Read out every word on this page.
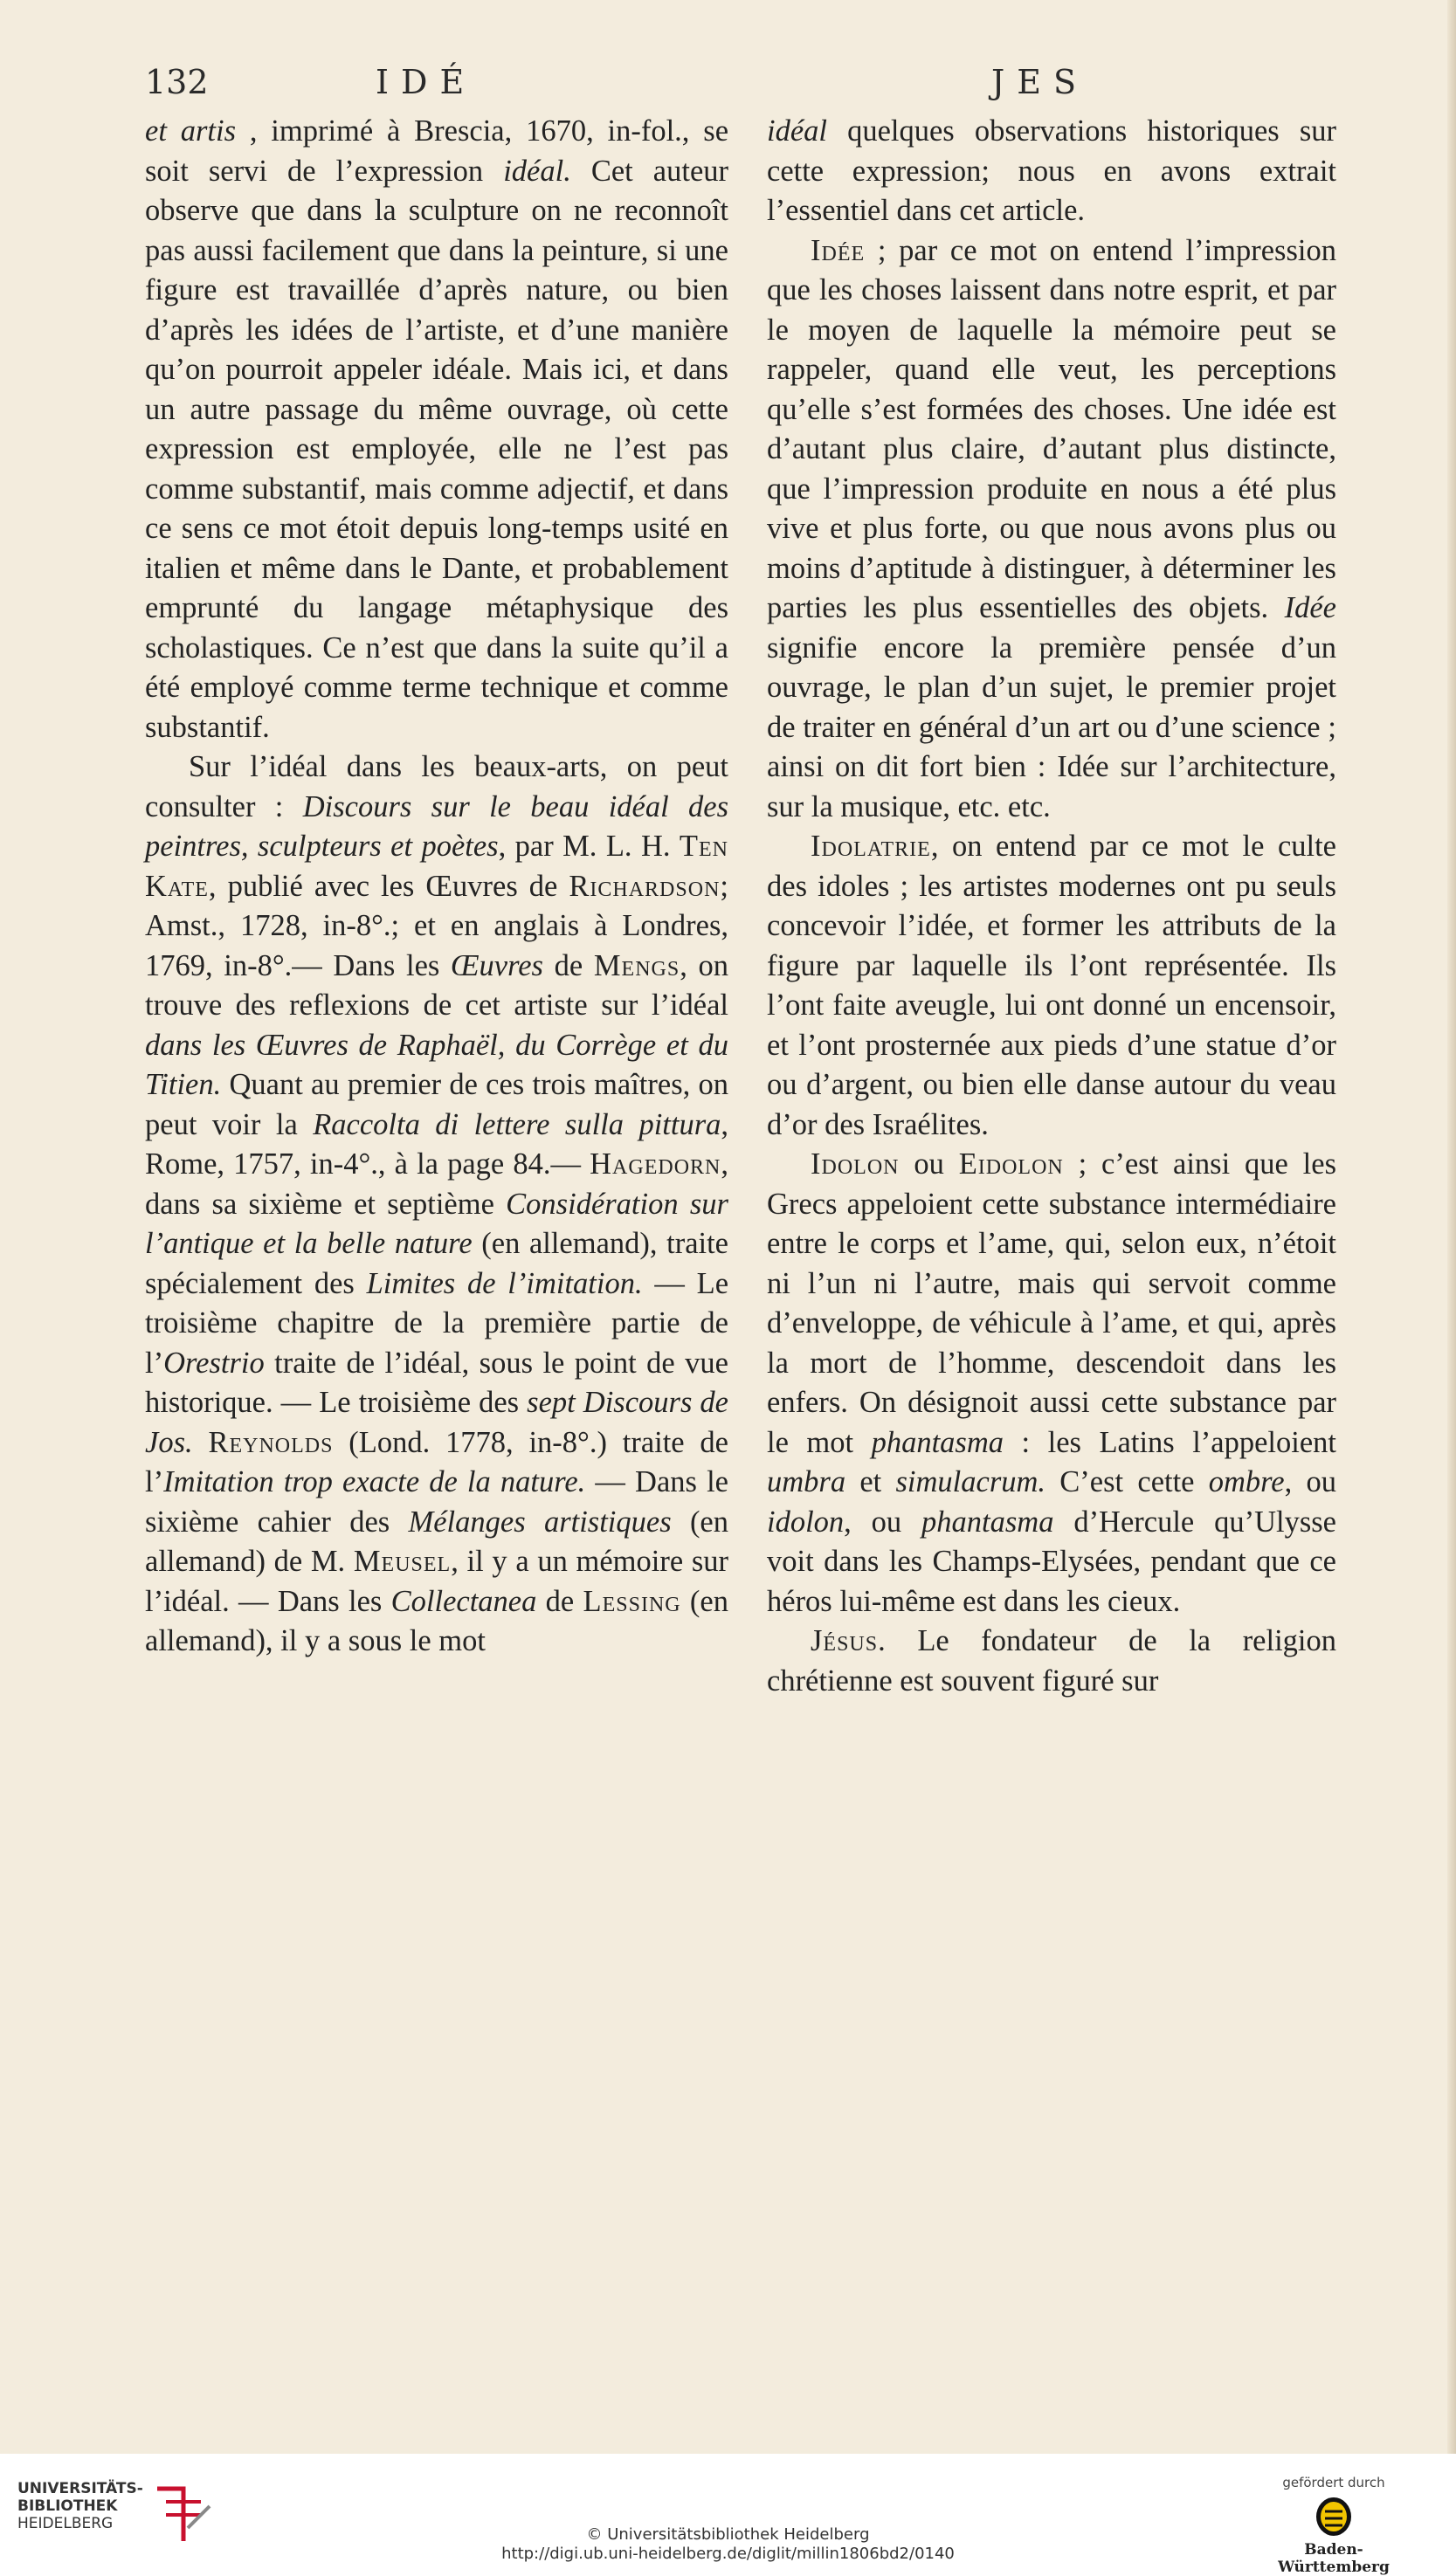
132	IDÉ	JES

et artis , imprimé à Brescia, 1670, in-fol., se soit servi de l’expression idéal. Cet auteur observe que dans la sculpture on ne reconnoît pas aussi facilement que dans la peinture, si une figure est travaillée d’après nature, ou bien d’après les idées de l’artiste, et d’une manière qu’on pourroit appeler idéale. Mais ici, et dans un autre passage du même ouvrage, où cette expression est employée, elle ne l’est pas comme substantif, mais comme adjectif, et dans ce sens ce mot étoit depuis long-temps usité en italien et même dans le Dante, et probablement emprunté du langage métaphysique des scholastiques. Ce n’est que dans la suite qu’il a été employé comme terme technique et comme substantif.

Sur l’idéal dans les beaux-arts, on peut consulter : Discours sur le beau idéal des peintres, sculpteurs et poètes, par M. L. H. Ten Kate, publié avec les Œuvres de Richardson; Amst., 1728, in-8°.; et en anglais à Londres, 1769, in-8°.— Dans les Œuvres de Mengs, on trouve des reflexions de cet artiste sur l’idéal dans les Œuvres de Raphaël, du Corrège et du Titien. Quant au premier de ces trois maîtres, on peut voir la Raccolta di lettere sulla pittura, Rome, 1757, in-4°., à la page 84.— Hagedorn, dans sa sixième et septième Considération sur l’antique et la belle nature (en allemand), traite spécialement des Limites de l’imitation. — Le troisième chapitre de la première partie de l’Orestrio traite de l’idéal, sous le point de vue historique. — Le troisième des sept Discours de Jos. Reynolds (Lond. 1778, in-8°.) traite de l’Imitation trop exacte de la nature. — Dans le sixième cahier des Mélanges artistiques (en allemand) de M. Meusel, il y a un mémoire sur l’idéal. — Dans les Collectanea de Lessing (en allemand), il y a sous le mot

idéal quelques observations historiques sur cette expression; nous en avons extrait l’essentiel dans cet article.

Idée ; par ce mot on entend l’impression que les choses laissent dans notre esprit, et par le moyen de laquelle la mémoire peut se rappeler, quand elle veut, les perceptions qu’elle s’est formées des choses. Une idée est d’autant plus claire, d’autant plus distincte, que l’impression produite en nous a été plus vive et plus forte, ou que nous avons plus ou moins d’aptitude à distinguer, à déterminer les parties les plus essentielles des objets. Idée signifie encore la première pensée d’un ouvrage, le plan d’un sujet, le premier projet de traiter en général d’un art ou d’une science ; ainsi on dit fort bien : Idée sur l’architecture, sur la musique, etc. etc.

Idolatrie, on entend par ce mot le culte des idoles ; les artistes modernes ont pu seuls concevoir l’idée, et former les attributs de la figure par laquelle ils l’ont représentée. Ils l’ont faite aveugle, lui ont donné un encensoir, et l’ont prosternée aux pieds d’une statue d’or ou d’argent, ou bien elle danse autour du veau d’or des Israélites.

Idolon ou Eidolon ; c’est ainsi que les Grecs appeloient cette substance intermédiaire entre le corps et l’ame, qui, selon eux, n’étoit ni l’un ni l’autre, mais qui servoit comme d’enveloppe, de véhicule à l’ame, et qui, après la mort de l’homme, descendoit dans les enfers. On désignoit aussi cette substance par le mot phantasma : les Latins l’appeloient umbra et simulacrum. C’est cette ombre, ou idolon, ou phantasma d’Hercule qu’Ulysse voit dans les Champs-Elysées, pendant que ce héros lui-même est dans les cieux.

Jésus. Le fondateur de la religion chrétienne est souvent figuré sur

UNIVERSITÄTS-
BIBLIOTHEK
HEIDELBERG
© Universitätsbibliothek Heidelberg
http://digi.ub.uni-heidelberg.de/diglit/millin1806bd2/0140
gefördert durch
Baden-Württemberg
